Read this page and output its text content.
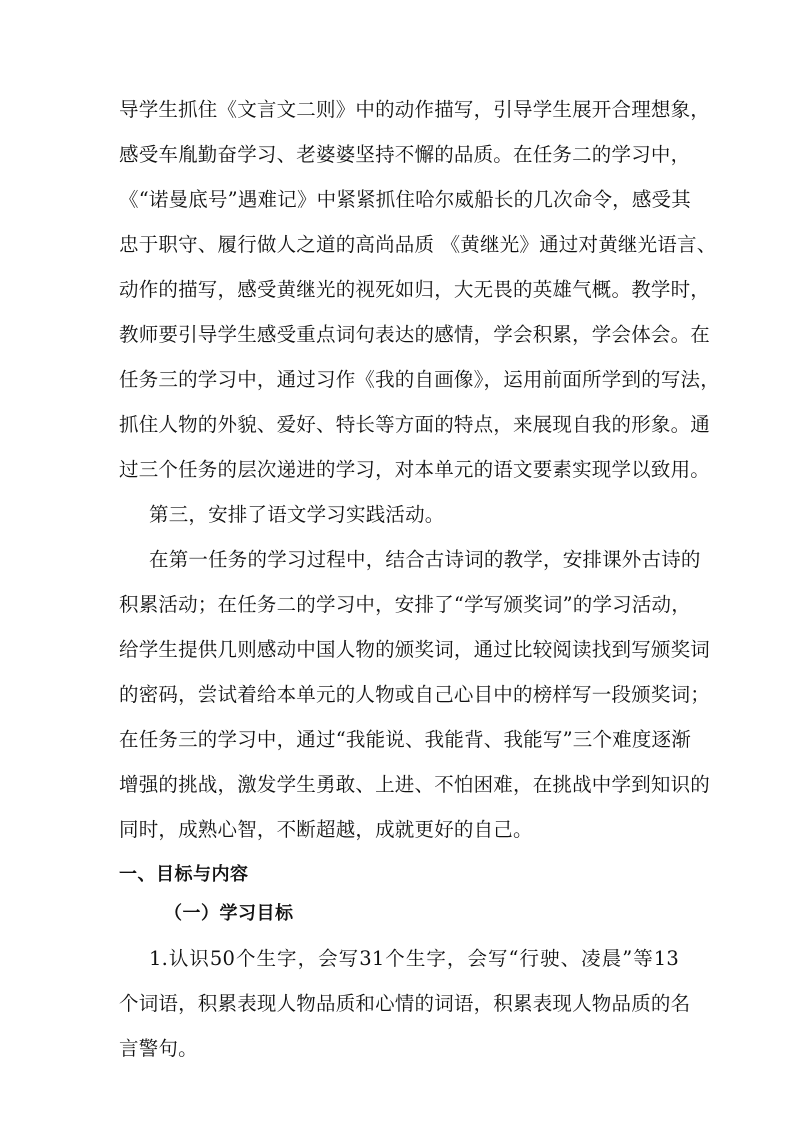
导学生抓住《文言文二则》中的动作描写，引导学生展开合理想象，

感受车胤勤奋学习、老婆婆坚持不懈的品质。在任务二的学习中，

《“诺曼底号”遇难记》中紧紧抓住哈尔威船长的几次命令，感受其

忠于职守、履行做人之道的高尚品质 《黄继光》通过对黄继光语言、

动作的描写，感受黄继光的视死如归，大无畏的英雄气概。教学时，

教师要引导学生感受重点词句表达的感情，学会积累，学会体会。在

任务三的学习中，通过习作《我的自画像》，运用前面所学到的写法，

抓住人物的外貌、爱好、特长等方面的特点，来展现自我的形象。通

过三个任务的层次递进的学习，对本单元的语文要素实现学以致用。

第三，安排了语文学习实践活动。

在第一任务的学习过程中，结合古诗词的教学，安排课外古诗的

积累活动；在任务二的学习中，安排了“学写颁奖词”的学习活动，

给学生提供几则感动中国人物的颁奖词，通过比较阅读找到写颁奖词

的密码，尝试着给本单元的人物或自己心目中的榜样写一段颁奖词；

在任务三的学习中，通过“我能说、我能背、我能写”三个难度逐渐

增强的挑战，激发学生勇敢、上进、不怕困难，在挑战中学到知识的

同时，成熟心智，不断超越，成就更好的自己。

一、目标与内容

（一）学习目标

1.认识50个生字，会写31个生字，会写“行驶、凌晨”等13

个词语，积累表现人物品质和心情的词语，积累表现人物品质的名

言警句。
